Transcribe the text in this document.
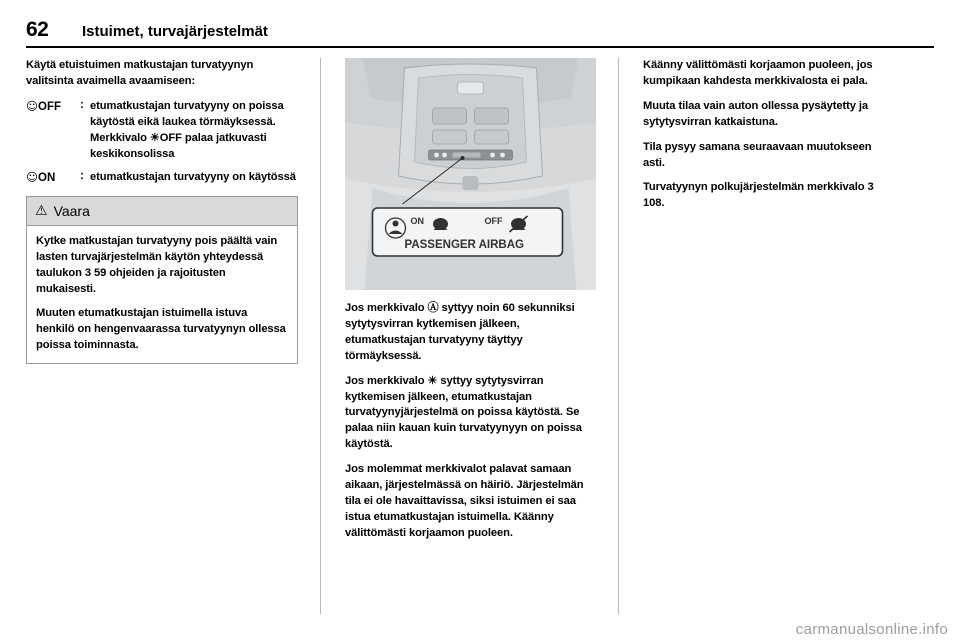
62	Istuimet, turvajärjestelmät

Käytä etuistuimen matkustajan turvatyynyn valitsinta avaimella avaamiseen:

☺OFF	: etumatkustajan turvatyyny on poissa käytöstä eikä laukea törmäyksessä. Merkkivalo ☀OFF palaa jatkuvasti keskikonsolissa
☺ON	: etumatkustajan turvatyyny on käytössä
⚠ Vaara

Kytke matkustajan turvatyyny pois päältä vain lasten turvajärjestelmän käytön yhteydessä taulukon 3 59 ohjeiden ja rajoitusten mukaisesti.

Muuten etumatkustajan istuimella istuva henkilö on hengenvaarassa turvatyynyn ollessa poissa toiminnasta.

ON	OFF
PASSENGER AIRBAG

Jos merkkivalo Ⓐ syttyy noin 60 sekunniksi sytytysvirran kytkemisen jälkeen, etumatkustajan turvatyyny täyttyy törmäyksessä.

Jos merkkivalo ☀ syttyy sytytysvirran kytkemisen jälkeen, etumatkustajan turvatyynyjärjestelmä on poissa käytöstä. Se palaa niin kauan kuin turvatyynyyn on poissa käytöstä.

Jos molemmat merkkivalot palavat samaan aikaan, järjestelmässä on häiriö. Järjestelmän tila ei ole havaittavissa, siksi istuimen ei saa istua etumatkustajan istuimella. Käänny välittömästi korjaamon puoleen.

Käänny välittömästi korjaamon puoleen, jos kumpikaan kahdesta merkkivalosta ei pala.

Muuta tilaa vain auton ollessa pysäytetty ja sytytysvirran katkaistuna.

Tila pysyy samana seuraavaan muutokseen asti.

Turvatyynyn polkujärjestelmän merkkivalo 3 108.

carmanualsonline.info
